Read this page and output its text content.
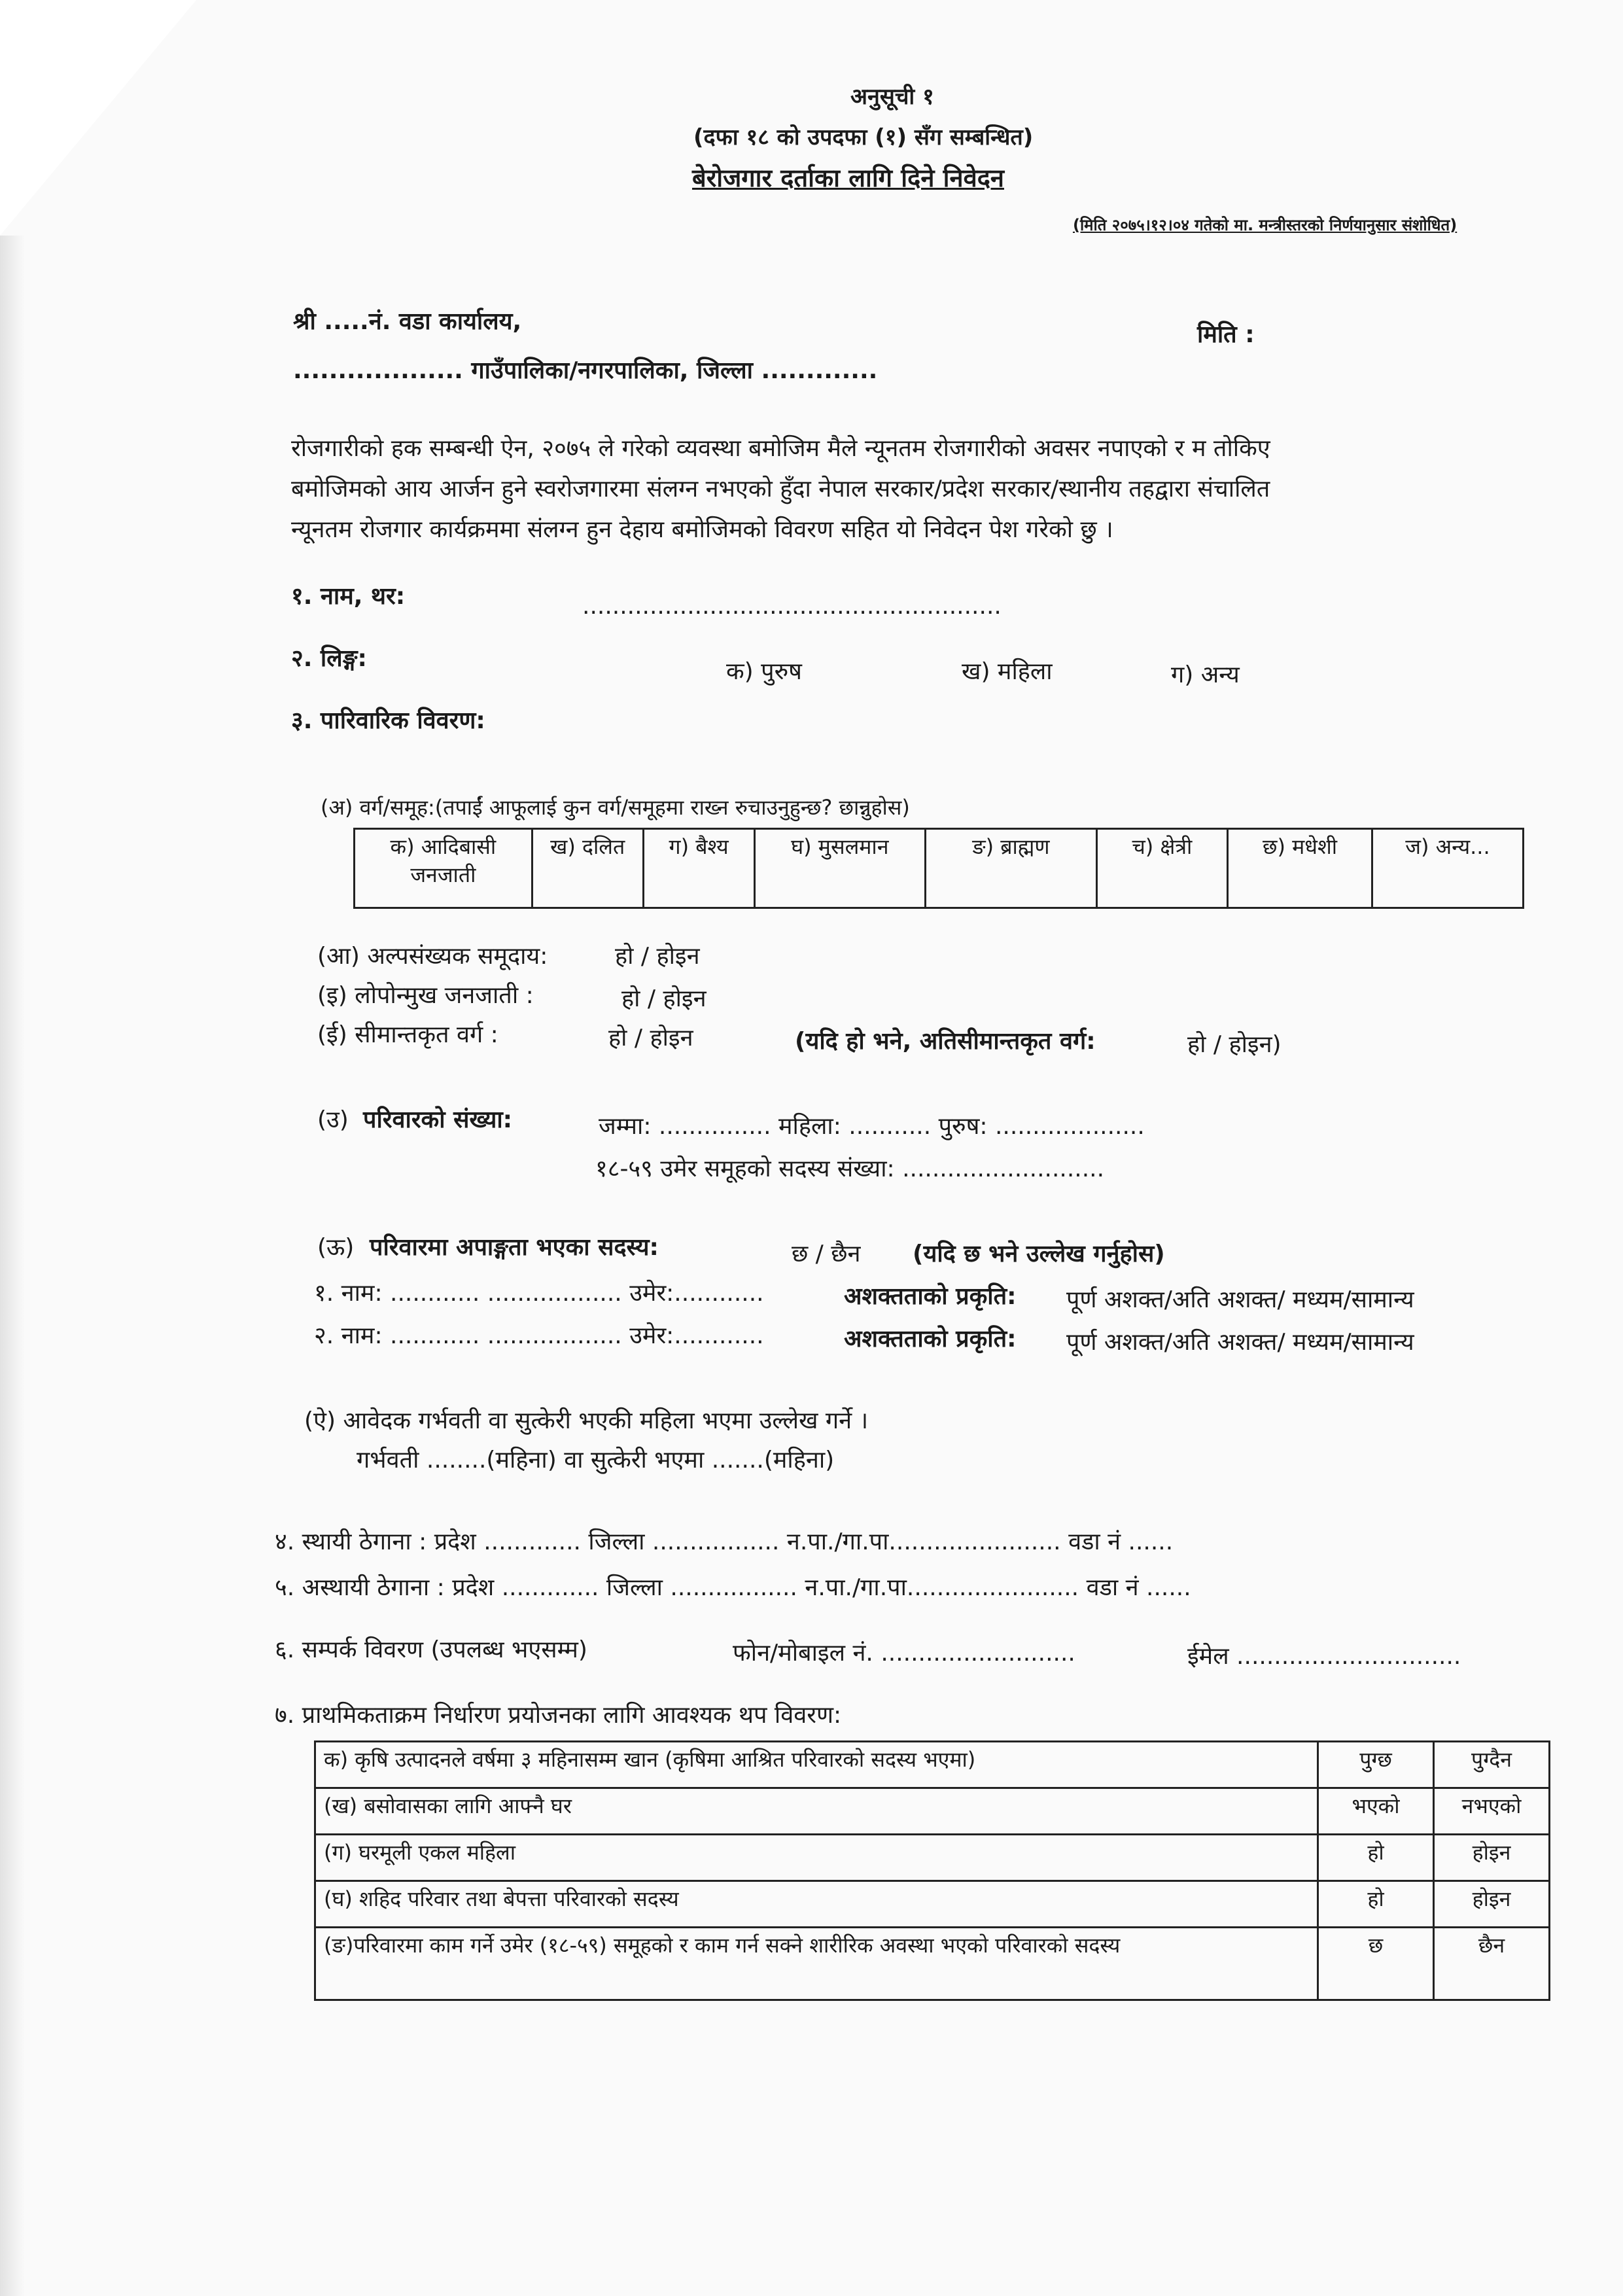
अनुसूची १
(दफा १८ को उपदफा (१) सँग सम्बन्धित)
बेरोजगार दर्ताका लागि दिने निवेदन
(मिति २०७५।१२।०४ गतेको मा. मन्त्रीस्तरको निर्णयानुसार संशोधित)
श्री .....नं. वडा कार्यालय,	मिति :
................... गाउँपालिका/नगरपालिका, जिल्ला .............
रोजगारीको हक सम्बन्धी ऐन, २०७५ ले गरेको व्यवस्था बमोजिम मैले न्यूनतम रोजगारीको अवसर नपाएको र म तोकिए
बमोजिमको आय आर्जन हुने स्वरोजगारमा संलग्न नभएको हुँदा नेपाल सरकार/प्रदेश सरकार/स्थानीय तहद्वारा संचालित
न्यूनतम रोजगार कार्यक्रममा संलग्न हुन देहाय बमोजिमको विवरण सहित यो निवेदन पेश गरेको छु ।
१. नाम, थर:	........................................................
२. लिङ्ग:	क) पुरुष	ख) महिला	ग) अन्य
३. पारिवारिक विवरण:
(अ) वर्ग/समूह:(तपाईं आफूलाई कुन वर्ग/समूहमा राख्न रुचाउनुहुन्छ? छान्नुहोस)
क) आदिबासी जनजाती	ख) दलित	ग) बैश्य	घ) मुसलमान	ङ) ब्राह्मण	च) क्षेत्री	छ) मधेशी	ज) अन्य...
(आ) अल्पसंख्यक समूदाय:	हो / होइन
(इ) लोपोन्मुख जनजाती :	हो / होइन
(ई) सीमान्तकृत वर्ग :	हो / होइन	(यदि हो भने, अतिसीमान्तकृत वर्ग:	हो / होइन)
(उ) परिवारको संख्या:	जम्मा: ............... महिला: ........... पुरुष: ....................
१८-५९ उमेर समूहको सदस्य संख्या: ...........................
(ऊ) परिवारमा अपाङ्गता भएका सदस्य:	छ / छैन (यदि छ भने उल्लेख गर्नुहोस)
१. नाम: ............ .................. उमेर:............	अशक्तताको प्रकृति: पूर्ण अशक्त/अति अशक्त/ मध्यम/सामान्य
२. नाम: ............ .................. उमेर:............	अशक्तताको प्रकृति: पूर्ण अशक्त/अति अशक्त/ मध्यम/सामान्य
(ऐ) आवेदक गर्भवती वा सुत्केरी भएकी महिला भएमा उल्लेख गर्ने ।
गर्भवती ........(महिना) वा सुत्केरी भएमा .......(महिना)
४. स्थायी ठेगाना : प्रदेश ............. जिल्ला ................. न.पा./गा.पा....................... वडा नं ......
५. अस्थायी ठेगाना : प्रदेश ............. जिल्ला ................. न.पा./गा.पा....................... वडा नं ......
६. सम्पर्क विवरण (उपलब्ध भएसम्म)	फोन/मोबाइल नं. ..........................	ईमेल ..............................
७. प्राथमिकताक्रम निर्धारण प्रयोजनका लागि आवश्यक थप विवरण:
क) कृषि उत्पादनले वर्षमा ३ महिनासम्म खान (कृषिमा आश्रित परिवारको सदस्य भएमा)	पुग्छ	पुग्दैन
(ख) बसोवासका लागि आफ्नै घर	भएको	नभएको
(ग) घरमूली एकल महिला	हो	होइन
(घ) शहिद परिवार तथा बेपत्ता परिवारको सदस्य	हो	होइन
(ङ)परिवारमा काम गर्ने उमेर (१८-५९) समूहको र काम गर्न सक्ने शारीरिक अवस्था भएको परिवारको सदस्य	छ	छैन
